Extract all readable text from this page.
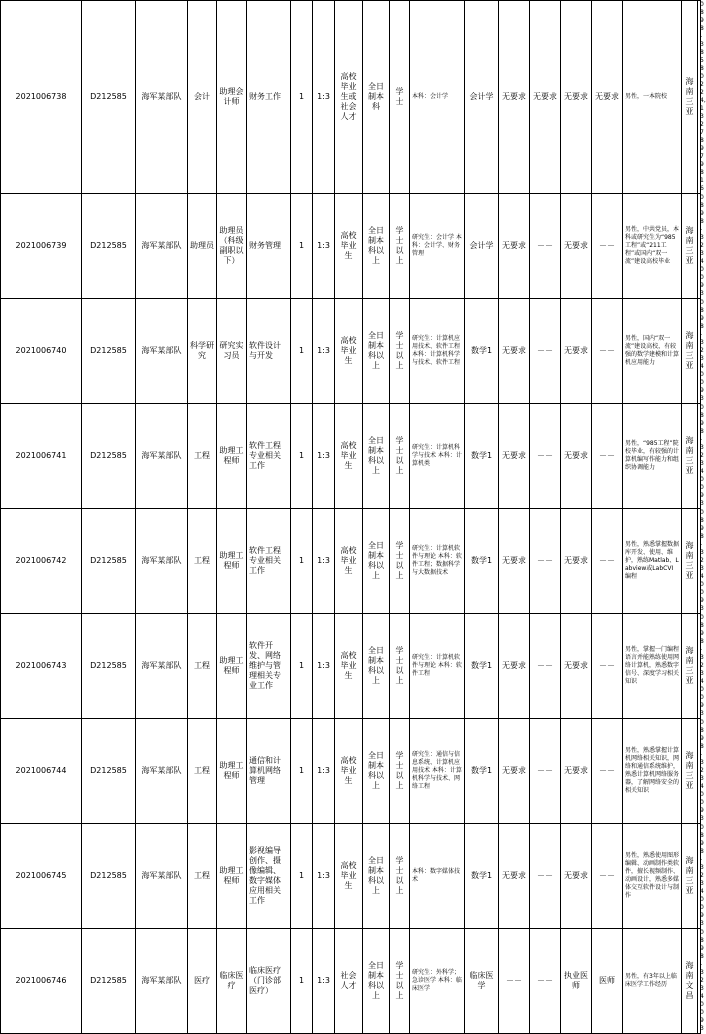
2021006738	D212585	海军某部队	会计	助理会计师	财务工作	1	1:3	高校毕业生或社会人才	全日制本科	学士	本科：会计学	会计学	无要求	无要求	无要求	无要求	男性，一本院校	海南三亚	0898-38580224,13278979816
2021006739	D212585	海军某部队	助理员	助理员（科级副职以下）	财务管理	1	1:3	高校毕业生	全日制本科以上	学士以上	研究生：会计学 本科：会计学、财务管理	会计学	无要求	－－	无要求	－－	男性，中共党员，本科或研究生为“985工程”或“211工程”或国内“双一流”建设高校毕业	海南三亚	0898-32340093
2021006740	D212585	海军某部队	科学研究	研究实习员	软件设计与开发	1	1:3	高校毕业生	全日制本科以上	学士以上	研究生：计算机应用技术、软件工程 本科：计算机科学与技术、软件工程	数学1	无要求	－－	无要求	－－	男性，国内“双一流”建设高校，有较强的数学建模和计算机应用能力	海南三亚	0898-32340093
2021006741	D212585	海军某部队	工程	助理工程师	软件工程专业相关工作	1	1:3	高校毕业生	全日制本科以上	学士以上	研究生：计算机科学与技术 本科：计算机类	数学1	无要求	－－	无要求	－－	男性，“985工程”院校毕业，有较强的计算机编写作能力和组织协调能力	海南三亚	0898-32340093
2021006742	D212585	海军某部队	工程	助理工程师	软件工程专业相关工作	1	1:3	高校毕业生	全日制本科以上	学士以上	研究生：计算机软件与理论 本科：软件工程；数据科学与大数据技术	数学1	无要求	－－	无要求	－－	男性，熟悉掌握数据库开发、使用、维护，熟练Matlab、Labview或LabCVI编程	海南三亚	0898-32340093
2021006743	D212585	海军某部队	工程	助理工程师	软件开发、网络维护与管理相关专业工作	1	1:3	高校毕业生	全日制本科以上	学士以上	研究生：计算机软件与理论 本科：软件工程	数学1	无要求	－－	无要求	－－	男性，掌握一门编程语言并能熟练使用网络计算机，熟悉数字信号、深度学习相关知识	海南三亚	0898-32340093
2021006744	D212585	海军某部队	工程	助理工程师	通信和计算机网络管理	1	1:3	高校毕业生	全日制本科以上	学士以上	研究生：通信与信息系统、计算机应用技术 本科：计算机科学与技术、网络工程	数学1	无要求	－－	无要求	－－	男性，熟悉掌握计算机网络相关知识，网络和通信系统维护，熟悉计算机网络服务器，了解网络安全的相关知识	海南三亚	0898-32340093
2021006745	D212585	海军某部队	工程	助理工程师	影视编导创作、摄像编辑、数字媒体应用相关工作	1	1:3	高校毕业生	全日制本科以上	学士以上	本科：数字媒体技术	数学1	无要求	－－	无要求	－－	男性，熟悉使用图形编辑、动画制作类软件，擅长视频制作、动画设计，熟悉多媒体交互软件设计与制作	海南三亚	0898-32340093
2021006746	D212585	海军某部队	医疗	临床医疗	临床医疗（门诊部医疗）	1	1:3	社会人才	全日制本科以上	学士以上	研究生：外科学；急诊医学 本科：临床医学	临床医学	－－	－－	执业医师	医师	男性，有3年以上临床医学工作经历	海南文昌	0898-32340093
